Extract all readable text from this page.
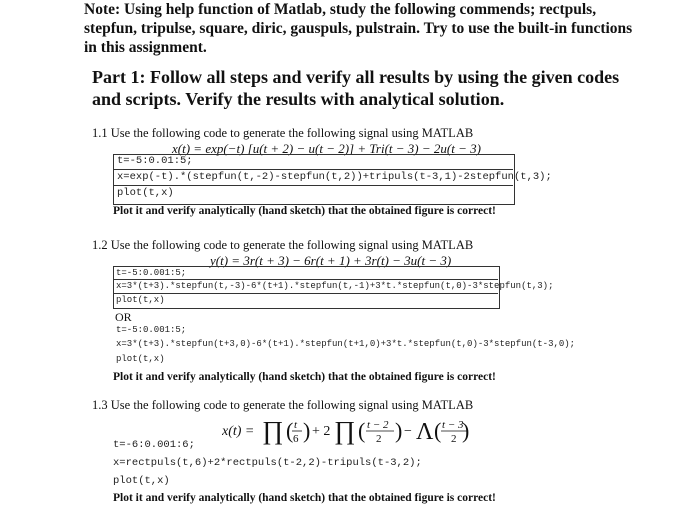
Note: Using help function of Matlab, study the following commends; rectpuls, stepfun, tripulse, square, diric, gauspuls, pulstrain. Try to use the built-in functions in this assignment.
Part 1: Follow all steps and verify all results by using the given codes and scripts. Verify the results with analytical solution.
1.1 Use the following code to generate the following signal using MATLAB
x(t) = exp(−t) [u(t + 2) − u(t − 2)] + Tri(t − 3) − 2u(t − 3)
t=-5:0.01:5;
x=exp(-t).*(stepfun(t,-2)-stepfun(t,2))+tripuls(t-3,1)-2stepfun(t,3);
plot(t,x)
Plot it and verify analytically (hand sketch) that the obtained figure is correct!
1.2 Use the following code to generate the following signal using MATLAB
y(t) = 3r(t + 3) − 6r(t + 1) + 3r(t) − 3u(t − 3)
t=-5:0.001:5;
x=3*(t+3).*stepfun(t,-3)-6*(t+1).*stepfun(t,-1)+3*t.*stepfun(t,0)-3*stepfun(t,3);
plot(t,x)
OR
t=-5:0.001:5;
x=3*(t+3).*stepfun(t+3,0)-6*(t+1).*stepfun(t+1,0)+3*t.*stepfun(t,0)-3*stepfun(t-3,0);
plot(t,x)
Plot it and verify analytically (hand sketch) that the obtained figure is correct!
1.3 Use the following code to generate the following signal using MATLAB
x(t) = ∏ ( t
6 ) + 2 ∏ ( t − 2
2 ) − Λ ( t − 3
2 )
t=-6:0.001:6;
x=rectpuls(t,6)+2*rectpuls(t-2,2)-tripuls(t-3,2);
plot(t,x)
Plot it and verify analytically (hand sketch) that the obtained figure is correct!
